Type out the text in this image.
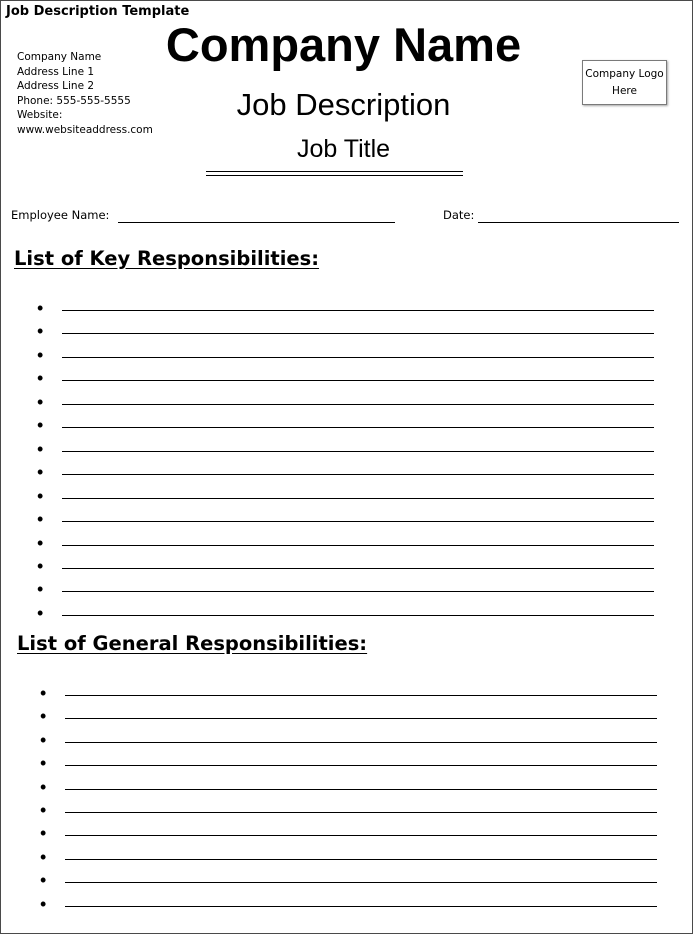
Job Description Template
Company Name
Address Line 1
Address Line 2
Phone: 555-555-5555
Website:
www.websiteaddress.com
Company Name
Job Description
Job Title
Company Logo Here
Employee Name:	Date:
List of Key Responsibilities:
•
•
•
•
•
•
•
•
•
•
•
•
•
•
List of General Responsibilities:
•
•
•
•
•
•
•
•
•
•
